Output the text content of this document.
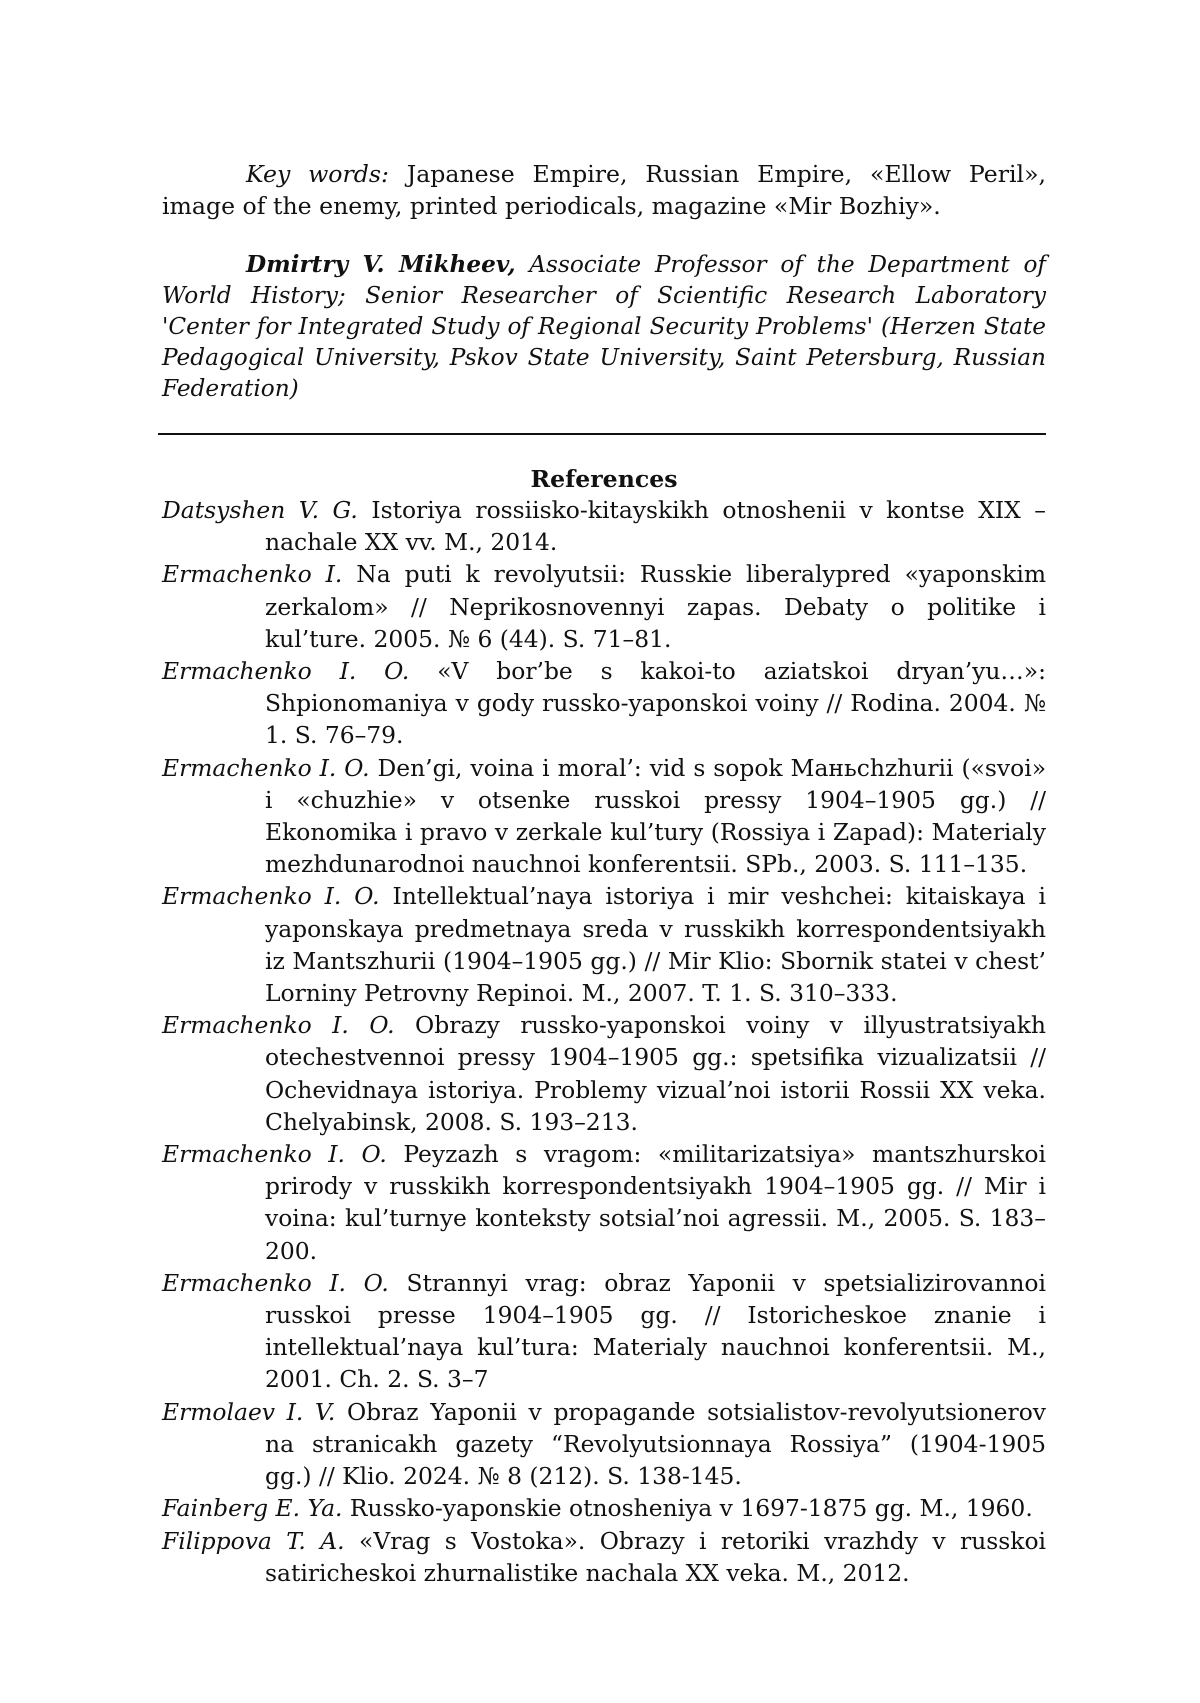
Key words: Japanese Empire, Russian Empire, «Ellow Peril», image of the enemy, printed periodicals, magazine «Mir Bozhiy».

Dmirtry V. Mikheev, Associate Professor of the Department of World History; Senior Researcher of Scientific Research Laboratory 'Center for Integrated Study of Regional Security Problems' (Herzen State Pedagogical University, Pskov State University, Saint Petersburg, Russian Federation)

References
Datsyshen V. G. Istoriya rossiisko-kitayskikh otnoshenii v kontse XIX – nachale XX vv. M., 2014.
Ermachenko I. Na puti k revolyutsii: Russkie liberalypred «yaponskim zerkalom» // Neprikosnovennyi zapas. Debaty o politike i kul’ture. 2005. № 6 (44). S. 71–81.
Ermachenko I. O. «V bor’be s kakoi-to aziatskoi dryan’yu…»: Shpionomaniya v gody russko-yaponskoi voiny // Rodina. 2004. № 1. S. 76–79.
Ermachenko I. O. Den’gi, voina i moral’: vid s sopok Маньchzhurii («svoi» i «chuzhie» v otsenke russkoi pressy 1904–1905 gg.) // Ekonomika i pravo v zerkale kul’tury (Rossiya i Zapad): Materialy mezhdunarodnoi nauchnoi konferentsii. SPb., 2003. S. 111–135.
Ermachenko I. O. Intellektual’naya istoriya i mir veshchei: kitaiskaya i yaponskaya predmetnaya sreda v russkikh korrespondentsiyakh iz Mantszhurii (1904–1905 gg.) // Mir Klio: Sbornik statei v chest’ Lorniny Petrovny Repinoi. M., 2007. T. 1. S. 310–333.
Ermachenko I. O. Obrazy russko-yaponskoi voiny v illyustratsiyakh otechestvennoi pressy 1904–1905 gg.: spetsifika vizualizatsii // Ochevidnaya istoriya. Problemy vizual’noi istorii Rossii XX veka. Chelyabinsk, 2008. S. 193–213.
Ermachenko I. O. Peyzazh s vragom: «militarizatsiya» mantszhurskoi prirody v russkikh korrespondentsiyakh 1904–1905 gg. // Mir i voina: kul’turnye konteksty sotsial’noi agressii. M., 2005. S. 183–200.
Ermachenko I. O. Strannyi vrag: obraz Yaponii v spetsializirovannoi russkoi presse 1904–1905 gg. // Istoricheskoe znanie i intellektual’naya kul’tura: Materialy nauchnoi konferentsii. M., 2001. Ch. 2. S. 3–7
Ermolaev I. V. Obraz Yaponii v propagande sotsialistov-revolyutsionerov na stranicakh gazety “Revolyutsionnaya Rossiya” (1904-1905 gg.) // Klio. 2024. № 8 (212). S. 138-145.
Fainberg E. Ya. Russko-yaponskie otnosheniya v 1697-1875 gg. M., 1960.
Filippova T. A. «Vrag s Vostoka». Obrazy i retoriki vrazhdy v russkoi satiricheskoi zhurnalistike nachala XX veka. M., 2012.
